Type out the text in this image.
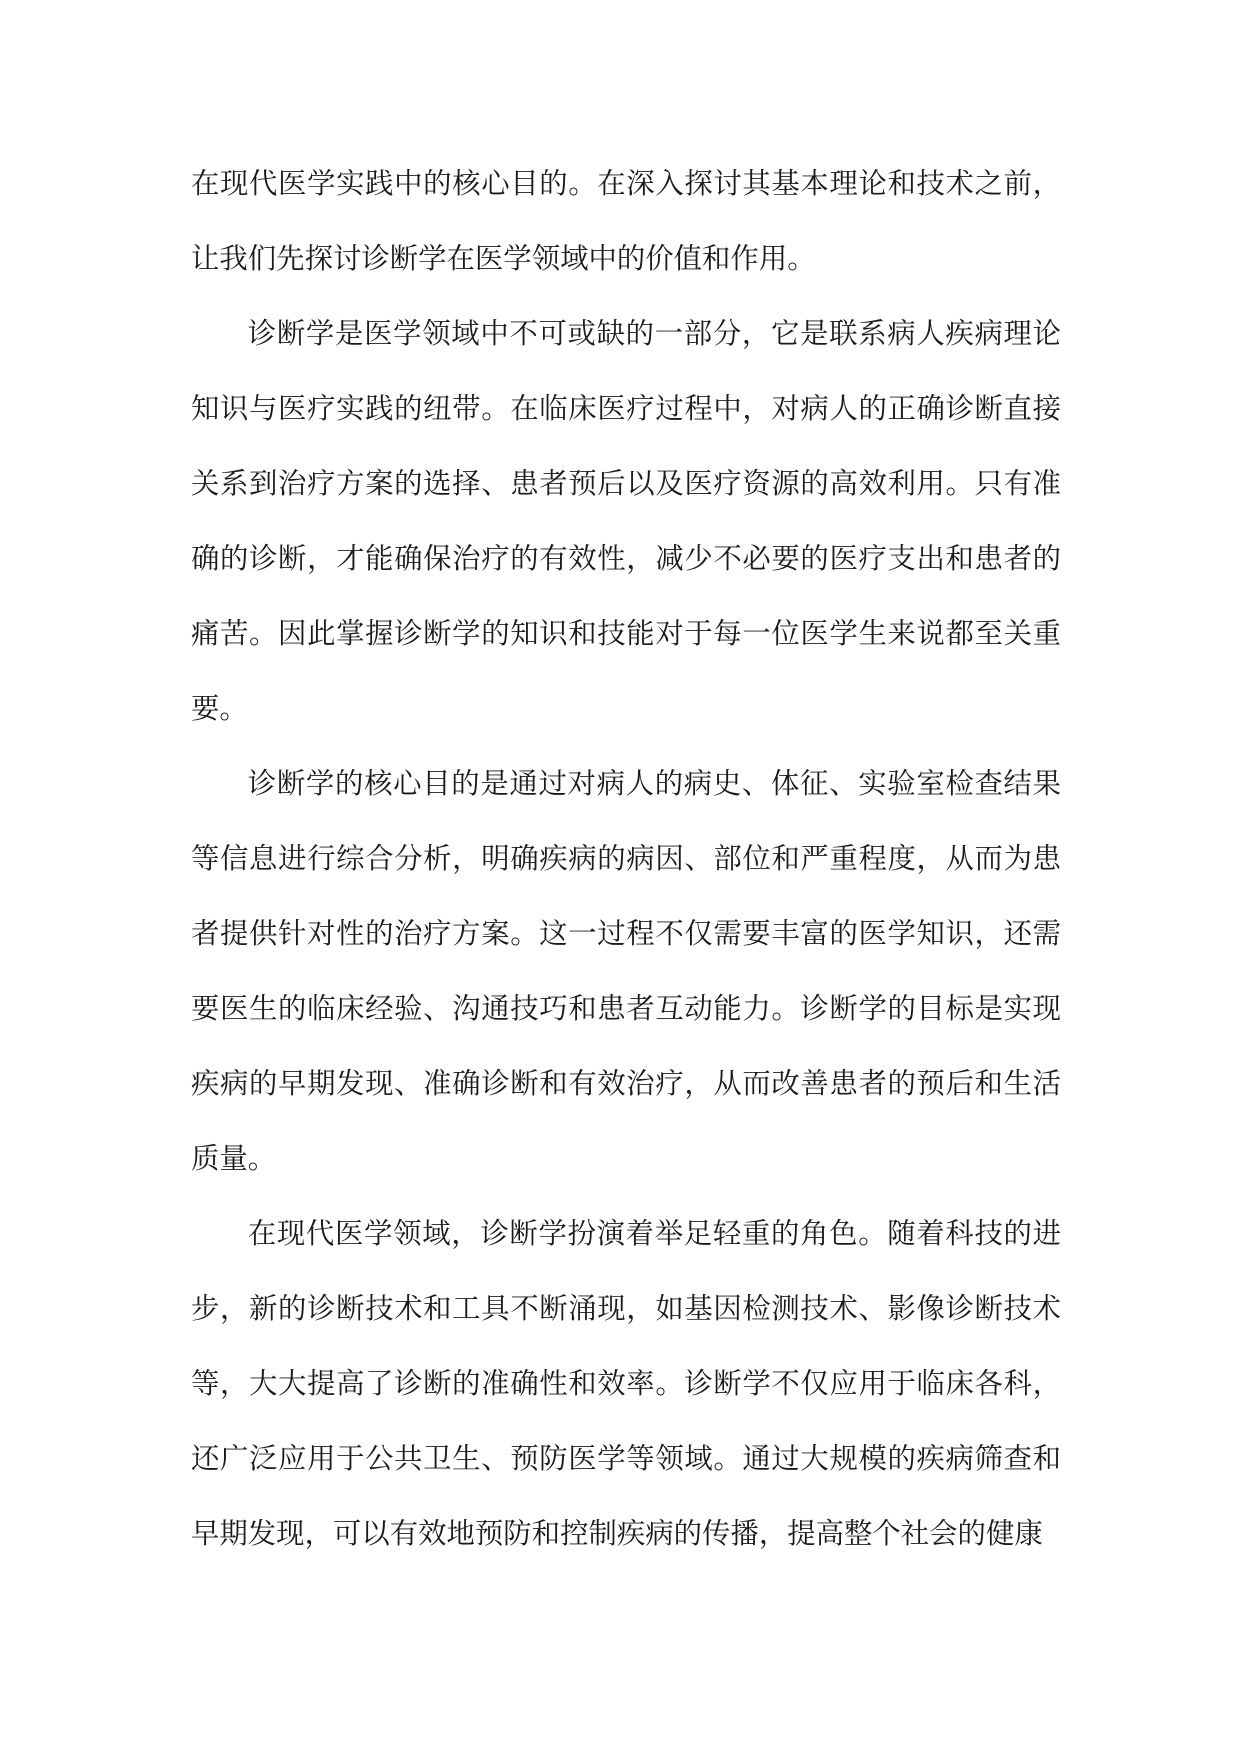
在现代医学实践中的核心目的。在深入探讨其基本理论和技术之前，让我们先探讨诊断学在医学领域中的价值和作用。

诊断学是医学领域中不可或缺的一部分，它是联系病人疾病理论知识与医疗实践的纽带。在临床医疗过程中，对病人的正确诊断直接关系到治疗方案的选择、患者预后以及医疗资源的高效利用。只有准确的诊断，才能确保治疗的有效性，减少不必要的医疗支出和患者的痛苦。因此掌握诊断学的知识和技能对于每一位医学生来说都至关重要。

诊断学的核心目的是通过对病人的病史、体征、实验室检查结果等信息进行综合分析，明确疾病的病因、部位和严重程度，从而为患者提供针对性的治疗方案。这一过程不仅需要丰富的医学知识，还需要医生的临床经验、沟通技巧和患者互动能力。诊断学的目标是实现疾病的早期发现、准确诊断和有效治疗，从而改善患者的预后和生活质量。

在现代医学领域，诊断学扮演着举足轻重的角色。随着科技的进步，新的诊断技术和工具不断涌现，如基因检测技术、影像诊断技术等，大大提高了诊断的准确性和效率。诊断学不仅应用于临床各科，还广泛应用于公共卫生、预防医学等领域。通过大规模的疾病筛查和早期发现，可以有效地预防和控制疾病的传播，提高整个社会的健康
